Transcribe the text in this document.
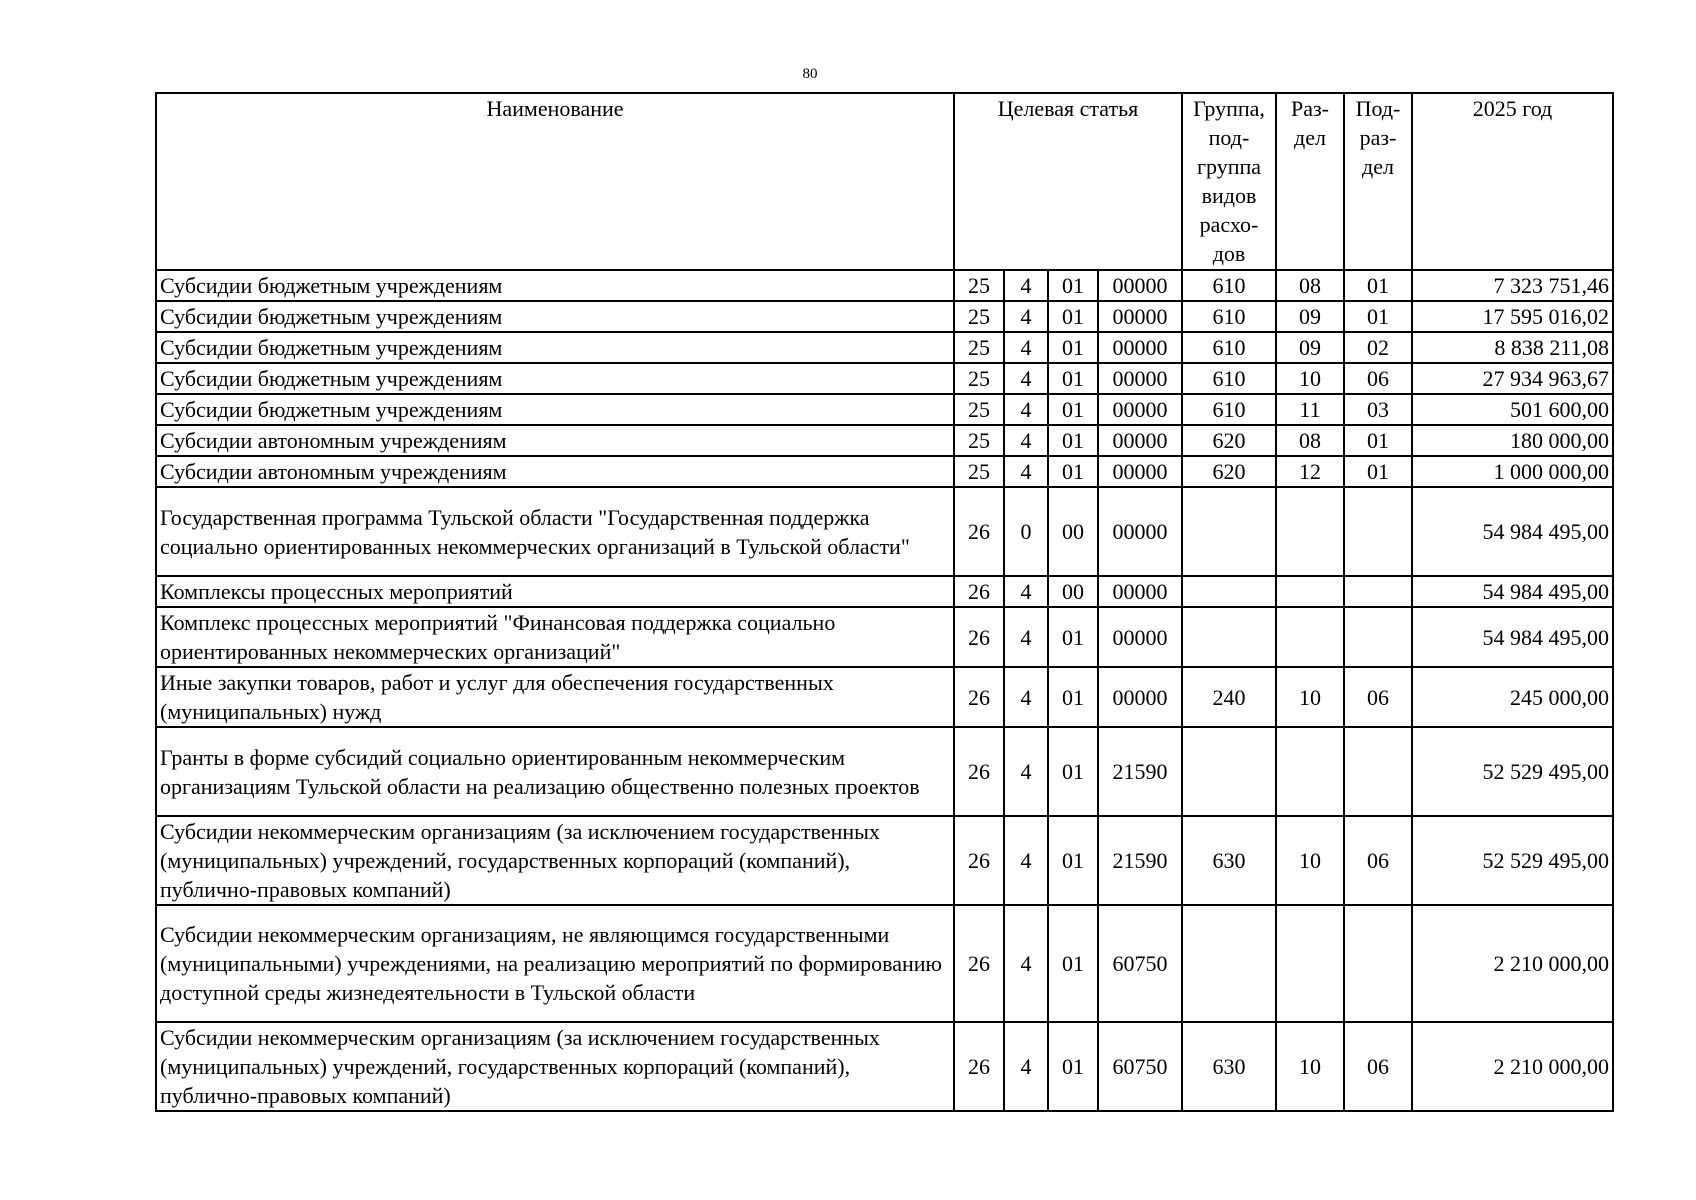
80
Наименование	Целевая статья				Группа, под-группа видов расхо-дов	Раз-дел	Под-раз-дел	2025 год
Субсидии бюджетным учреждениям	25	4	01	00000	610	08	01	7 323 751,46
Субсидии бюджетным учреждениям	25	4	01	00000	610	09	01	17 595 016,02
Субсидии бюджетным учреждениям	25	4	01	00000	610	09	02	8 838 211,08
Субсидии бюджетным учреждениям	25	4	01	00000	610	10	06	27 934 963,67
Субсидии бюджетным учреждениям	25	4	01	00000	610	11	03	501 600,00
Субсидии автономным учреждениям	25	4	01	00000	620	08	01	180 000,00
Субсидии автономным учреждениям	25	4	01	00000	620	12	01	1 000 000,00
Государственная программа Тульской области "Государственная поддержка социально ориентированных некоммерческих организаций в Тульской области"	26	0	00	00000				54 984 495,00
Комплексы процессных мероприятий	26	4	00	00000				54 984 495,00
Комплекс процессных мероприятий "Финансовая поддержка социально ориентированных некоммерческих организаций"	26	4	01	00000				54 984 495,00
Иные закупки товаров, работ и услуг для обеспечения государственных (муниципальных) нужд	26	4	01	00000	240	10	06	245 000,00
Гранты в форме субсидий социально ориентированным некоммерческим организациям Тульской области на реализацию общественно полезных проектов	26	4	01	21590				52 529 495,00
Субсидии некоммерческим организациям (за исключением государственных (муниципальных) учреждений, государственных корпораций (компаний), публично-правовых компаний)	26	4	01	21590	630	10	06	52 529 495,00
Субсидии некоммерческим организациям, не являющимся государственными (муниципальными) учреждениями, на реализацию мероприятий по формированию доступной среды жизнедеятельности в Тульской области	26	4	01	60750				2 210 000,00
Субсидии некоммерческим организациям (за исключением государственных (муниципальных) учреждений, государственных корпораций (компаний), публично-правовых компаний)	26	4	01	60750	630	10	06	2 210 000,00
